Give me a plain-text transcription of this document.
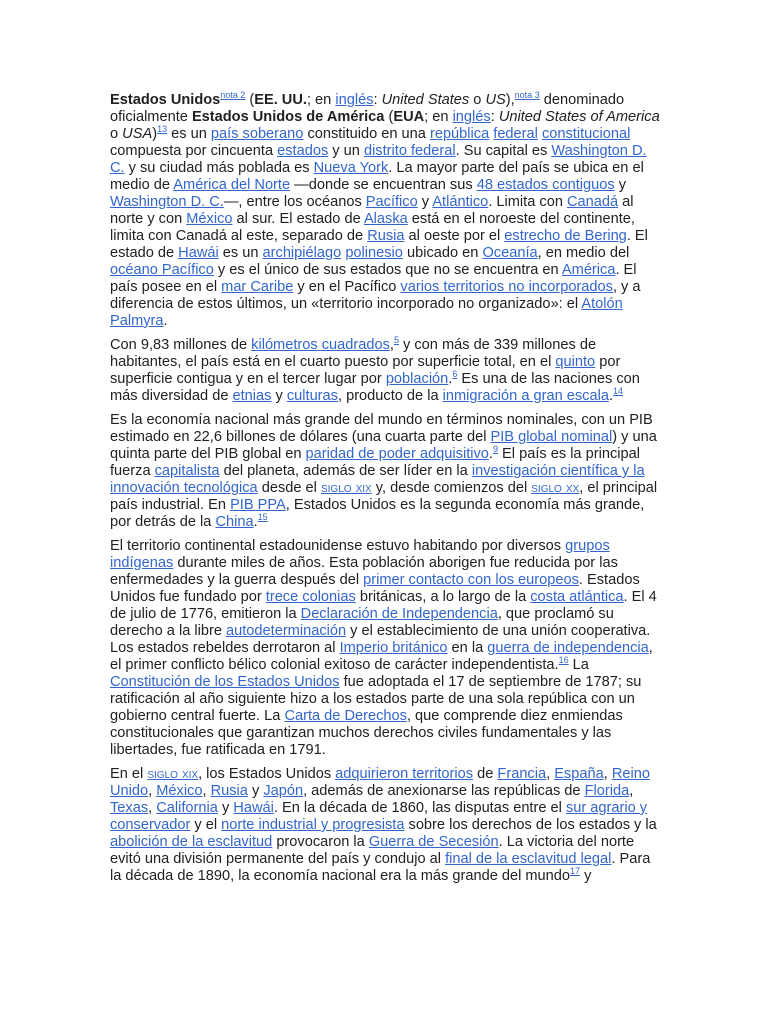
Estados Unidos$^{nota 2}$ (EE. UU.; en inglés: United States o US),$^{nota 3}$ denominado oficialmente Estados Unidos de América (EUA; en inglés: United States of America o USA)$^{13}$ es un país soberano constituido en una república federal constitucional compuesta por cincuenta estados y un distrito federal. Su capital es Washington D. C. y su ciudad más poblada es Nueva York. La mayor parte del país se ubica en el medio de América del Norte —donde se encuentran sus 48 estados contiguos y Washington D. C.—, entre los océanos Pacífico y Atlántico. Limita con Canadá al norte y con México al sur. El estado de Alaska está en el noroeste del continente, limita con Canadá al este, separado de Rusia al oeste por el estrecho de Bering. El estado de Hawái es un archipiélago polinesio ubicado en Oceanía, en medio del océano Pacífico y es el único de sus estados que no se encuentra en América. El país posee en el mar Caribe y en el Pacífico varios territorios no incorporados, y a diferencia de estos últimos, un «territorio incorporado no organizado»: el Atolón Palmyra.

Con 9,83 millones de kilómetros cuadrados,$^5$ y con más de 339 millones de habitantes, el país está en el cuarto puesto por superficie total, en el quinto por superficie contigua y en el tercer lugar por población.$^6$ Es una de las naciones con más diversidad de etnias y culturas, producto de la inmigración a gran escala.$^{14}$

Es la economía nacional más grande del mundo en términos nominales, con un PIB estimado en 22,6 billones de dólares (una cuarta parte del PIB global nominal) y una quinta parte del PIB global en paridad de poder adquisitivo.$^9$ El país es la principal fuerza capitalista del planeta, además de ser líder en la investigación científica y la innovación tecnológica desde el siglo xix y, desde comienzos del siglo xx, el principal país industrial. En PIB PPA, Estados Unidos es la segunda economía más grande, por detrás de la China.$^{15}$

El territorio continental estadounidense estuvo habitando por diversos grupos indígenas durante miles de años. Esta población aborigen fue reducida por las enfermedades y la guerra después del primer contacto con los europeos. Estados Unidos fue fundado por trece colonias británicas, a lo largo de la costa atlántica. El 4 de julio de 1776, emitieron la Declaración de Independencia, que proclamó su derecho a la libre autodeterminación y el establecimiento de una unión cooperativa. Los estados rebeldes derrotaron al Imperio británico en la guerra de independencia, el primer conflicto bélico colonial exitoso de carácter independentista.$^{16}$ La Constitución de los Estados Unidos fue adoptada el 17 de septiembre de 1787; su ratificación al año siguiente hizo a los estados parte de una sola república con un gobierno central fuerte. La Carta de Derechos, que comprende diez enmiendas constitucionales que garantizan muchos derechos civiles fundamentales y las libertades, fue ratificada en 1791.

En el siglo xix, los Estados Unidos adquirieron territorios de Francia, España, Reino Unido, México, Rusia y Japón, además de anexionarse las repúblicas de Florida, Texas, California y Hawái. En la década de 1860, las disputas entre el sur agrario y conservador y el norte industrial y progresista sobre los derechos de los estados y la abolición de la esclavitud provocaron la Guerra de Secesión. La victoria del norte evitó una división permanente del país y condujo al final de la esclavitud legal. Para la década de 1890, la economía nacional era la más grande del mundo$^{17}$ y
